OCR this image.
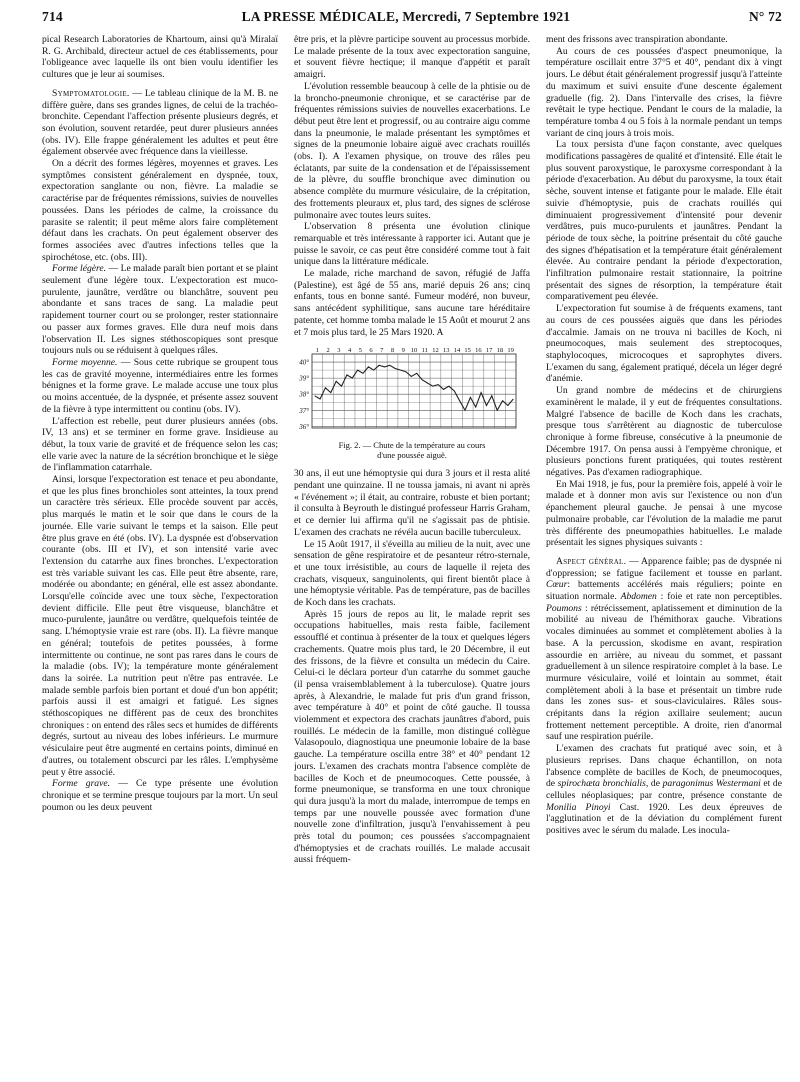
714	LA PRESSE MÉDICALE, Mercredi, 7 Septembre 1921	N° 72

pical Research Laboratories de Khartoum, ainsi qu'à Miralaï R. G. Archibald, directeur actuel de ces établissements, pour l'obligeance avec laquelle ils ont bien voulu identifier les cultures que je leur ai soumises.

Symptomatologie. — Le tableau clinique de la M. B. ne diffère guère, dans ses grandes lignes, de celui de la trachéo-bronchite. Cependant l'affection présente plusieurs degrés, et son évolution, souvent retardée, peut durer plusieurs années (obs. IV). Elle frappe généralement les adultes et peut être également observée avec fréquence dans la vieillesse.

On a décrit des formes légères, moyennes et graves. Les symptômes consistent généralement en dyspnée, toux, expectoration sanglante ou non, fièvre. La maladie se caractérise par de fréquentes rémissions, suivies de nouvelles poussées. Dans les périodes de calme, la croissance du parasite se ralentit; il peut même alors faire complètement défaut dans les crachats. On peut également observer des formes associées avec d'autres infections telles que la spirochétose, etc. (obs. III).

Forme légère. — Le malade paraît bien portant et se plaint seulement d'une légère toux. L'expectoration est muco-purulente, jaunâtre, verdâtre ou blanchâtre, souvent peu abondante et sans traces de sang. La maladie peut rapidement tourner court ou se prolonger, rester stationnaire ou passer aux formes graves. Elle dura neuf mois dans l'observation II. Les signes stéthoscopiques sont presque toujours nuls ou se réduisent à quelques râles.

Forme moyenne. — Sous cette rubrique se groupent tous les cas de gravité moyenne, intermédiaires entre les formes bénignes et la forme grave. Le malade accuse une toux plus ou moins accentuée, de la dyspnée, et présente assez souvent de la fièvre à type intermittent ou continu (obs. IV).

L'affection est rebelle, peut durer plusieurs années (obs. IV, 13 ans) et se terminer en forme grave. Insidieuse au début, la toux varie de gravité et de fréquence selon les cas; elle varie avec la nature de la sécrétion bronchique et le siège de l'inflammation catarrhale.

Ainsi, lorsque l'expectoration est tenace et peu abondante, et que les plus fines bronchioles sont atteintes, la toux prend un caractère très sérieux. Elle procède souvent par accès, plus marqués le matin et le soir que dans le cours de la journée. Elle varie suivant le temps et la saison. Elle peut être plus grave en été (obs. IV). La dyspnée est d'observation courante (obs. III et IV), et son intensité varie avec l'extension du catarrhe aux fines bronches. L'expectoration est très variable suivant les cas. Elle peut être absente, rare, modérée ou abondante; en général, elle est assez abondante. Lorsqu'elle coïncide avec une toux sèche, l'expectoration devient difficile. Elle peut être visqueuse, blanchâtre et muco-purulente, jaunâtre ou verdâtre, quelquefois teintée de sang. L'hémoptysie vraie est rare (obs. II). La fièvre manque en général; toutefois de petites poussées, à forme intermittente ou continue, ne sont pas rares dans le cours de la maladie (obs. IV); la température monte généralement dans la soirée. La nutrition peut n'être pas entravée. Le malade semble parfois bien portant et doué d'un bon appétit; parfois aussi il est amaigri et fatigué. Les signes stéthoscopiques ne diffèrent pas de ceux des bronchites chroniques : on entend des râles secs et humides de différents degrés, surtout au niveau des lobes inférieurs. Le murmure vésiculaire peut être augmenté en certains points, diminué en d'autres, ou totalement obscurci par les râles. L'emphysème peut y être associé.

Forme grave. — Ce type présente une évolution chronique et se termine presque toujours par la mort. Un seul poumon ou les deux peuvent

être pris, et la plèvre participe souvent au processus morbide. Le malade présente de la toux avec expectoration sanguine, et souvent fièvre hectique; il manque d'appétit et paraît amaigri.

L'évolution ressemble beaucoup à celle de la phtisie ou de la broncho-pneumonie chronique, et se caractérise par de fréquentes rémissions suivies de nouvelles exacerbations. Le début peut être lent et progressif, ou au contraire aigu comme dans la pneumonie, le malade présentant les symptômes et signes de la pneumonie lobaire aiguë avec crachats rouillés (obs. I). A l'examen physique, on trouve des râles peu éclatants, par suite de la condensation et de l'épaississement de la plèvre, du souffle bronchique avec diminution ou absence complète du murmure vésiculaire, de la crépitation, des frottements pleuraux et, plus tard, des signes de sclérose pulmonaire avec toutes leurs suites.

L'observation 8 présenta une évolution clinique remarquable et très intéressante à rapporter ici. Autant que je puisse le savoir, ce cas peut être considéré comme tout à fait unique dans la littérature médicale.

Le malade, riche marchand de savon, réfugié de Jaffa (Palestine), est âgé de 55 ans, marié depuis 26 ans; cinq enfants, tous en bonne santé. Fumeur modéré, non buveur, sans antécédent syphilitique, sans aucune tare héréditaire patente, cet homme tomba malade le 15 Août et mourut 2 ans et 7 mois plus tard, le 25 Mars 1920. A

1 2 3 4 5 6 7 8 9 10 11 12 13 14 15 16 17 18 19
40°
39°
38°
37°
36°
Fig. 2. — Chute de la température au cours
d'une poussée aiguë.

30 ans, il eut une hémoptysie qui dura 3 jours et il resta alité pendant une quinzaine. Il ne toussa jamais, ni avant ni après « l'événement »; il était, au contraire, robuste et bien portant; il consulta à Beyrouth le distingué professeur Harris Graham, et ce dernier lui affirma qu'il ne s'agissait pas de phtisie. L'examen des crachats ne révéla aucun bacille tuberculeux.

Le 15 Août 1917, il s'éveilla au milieu de la nuit, avec une sensation de gêne respiratoire et de pesanteur rétro-sternale, et une toux irrésistible, au cours de laquelle il rejeta des crachats, visqueux, sanguinolents, qui firent bientôt place à une hémoptysie véritable. Pas de température, pas de bacilles de Koch dans les crachats.

Après 15 jours de repos au lit, le malade reprit ses occupations habituelles, mais resta faible, facilement essoufflé et continua à présenter de la toux et quelques légers crachements. Quatre mois plus tard, le 20 Décembre, il eut des frissons, de la fièvre et consulta un médecin du Caire. Celui-ci le déclara porteur d'un catarrhe du sommet gauche (il pensa vraisemblablement à la tuberculose). Quatre jours après, à Alexandrie, le malade fut pris d'un grand frisson, avec température à 40° et point de côté gauche. Il toussa violemment et expectora des crachats jaunâtres d'abord, puis rouillés. Le médecin de la famille, mon distingué collègue Valasopoulo, diagnostiqua une pneumonie lobaire de la base gauche. La température oscilla entre 38° et 40° pendant 12 jours. L'examen des crachats montra l'absence complète de bacilles de Koch et de pneumocoques. Cette poussée, à forme pneumonique, se transforma en une toux chronique qui dura jusqu'à la mort du malade, interrompue de temps en temps par une nouvelle poussée avec formation d'une nouvelle zone d'infiltration, jusqu'à l'envahissement à peu près total du poumon; ces poussées s'accompagnaient d'hémoptysies et de crachats rouillés. Le malade accusait aussi fréquem-

ment des frissons avec transpiration abondante.

Au cours de ces poussées d'aspect pneumonique, la température oscillait entre 37°5 et 40°, pendant dix à vingt jours. Le début était généralement progressif jusqu'à l'atteinte du maximum et suivi ensuite d'une descente également graduelle (fig. 2). Dans l'intervalle des crises, la fièvre revêtait le type hectique. Pendant le cours de la maladie, la température tomba 4 ou 5 fois à la normale pendant un temps variant de cinq jours à trois mois.

La toux persista d'une façon constante, avec quelques modifications passagères de qualité et d'intensité. Elle était le plus souvent paroxystique, le paroxysme correspondant à la période d'exacerbation. Au début du paroxysme, la toux était sèche, souvent intense et fatigante pour le malade. Elle était suivie d'hémoptysie, puis de crachats rouillés qui diminuaient progressivement d'intensité pour devenir verdâtres, puis muco-purulents et jaunâtres. Pendant la période de toux sèche, la poitrine présentait du côté gauche des signes d'hépatisation et la température était généralement élevée. Au contraire pendant la période d'expectoration, l'infiltration pulmonaire restait stationnaire, la poitrine présentait des signes de résorption, la température était comparativement peu élevée.

L'expectoration fut soumise à de fréquents examens, tant au cours de ces poussées aiguës que dans les périodes d'accalmie. Jamais on ne trouva ni bacilles de Koch, ni pneumocoques, mais seulement des streptocoques, staphylocoques, microcoques et saprophytes divers. L'examen du sang, également pratiqué, décela un léger degré d'anémie.

Un grand nombre de médecins et de chirurgiens examinèrent le malade, il y eut de fréquentes consultations. Malgré l'absence de bacille de Koch dans les crachats, presque tous s'arrêtèrent au diagnostic de tuberculose chronique à forme fibreuse, consécutive à la pneumonie de Décembre 1917. On pensa aussi à l'empyème chronique, et plusieurs ponctions furent pratiquées, qui toutes restèrent négatives. Pas d'examen radiographique.

En Mai 1918, je fus, pour la première fois, appelé à voir le malade et à donner mon avis sur l'existence ou non d'un épanchement pleural gauche. Je pensai à une mycose pulmonaire probable, car l'évolution de la maladie me parut très différente des pneumopathies habituelles. Le malade présentait les signes physiques suivants :

Aspect général. — Apparence faible; pas de dyspnée ni d'oppression; se fatigue facilement et tousse en parlant. Cœur: battements accélérés mais réguliers; pointe en situation normale. Abdomen : foie et rate non perceptibles. Poumons : rétrécissement, aplatissement et diminution de la mobilité au niveau de l'hémithorax gauche. Vibrations vocales diminuées au sommet et complètement abolies à la base. A la percussion, skodisme en avant, respiration assourdie en arrière, au niveau du sommet, et passant graduellement à un silence respiratoire complet à la base. Le murmure vésiculaire, voilé et lointain au sommet, était complètement aboli à la base et présentait un timbre rude dans les zones sus- et sous-claviculaires. Râles sous-crépitants dans la région axillaire seulement; aucun frottement nettement perceptible. A droite, rien d'anormal sauf une respiration puérile.

L'examen des crachats fut pratiqué avec soin, et à plusieurs reprises. Dans chaque échantillon, on nota l'absence complète de bacilles de Koch, de pneumocoques, de spirochæta bronchialis, de paragonimus Westermani et de cellules néoplasiques; par contre, présence constante de Monilia Pinoyi Cast. 1920. Les deux épreuves de l'agglutination et de la déviation du complément furent positives avec le sérum du malade. Les inocula-
